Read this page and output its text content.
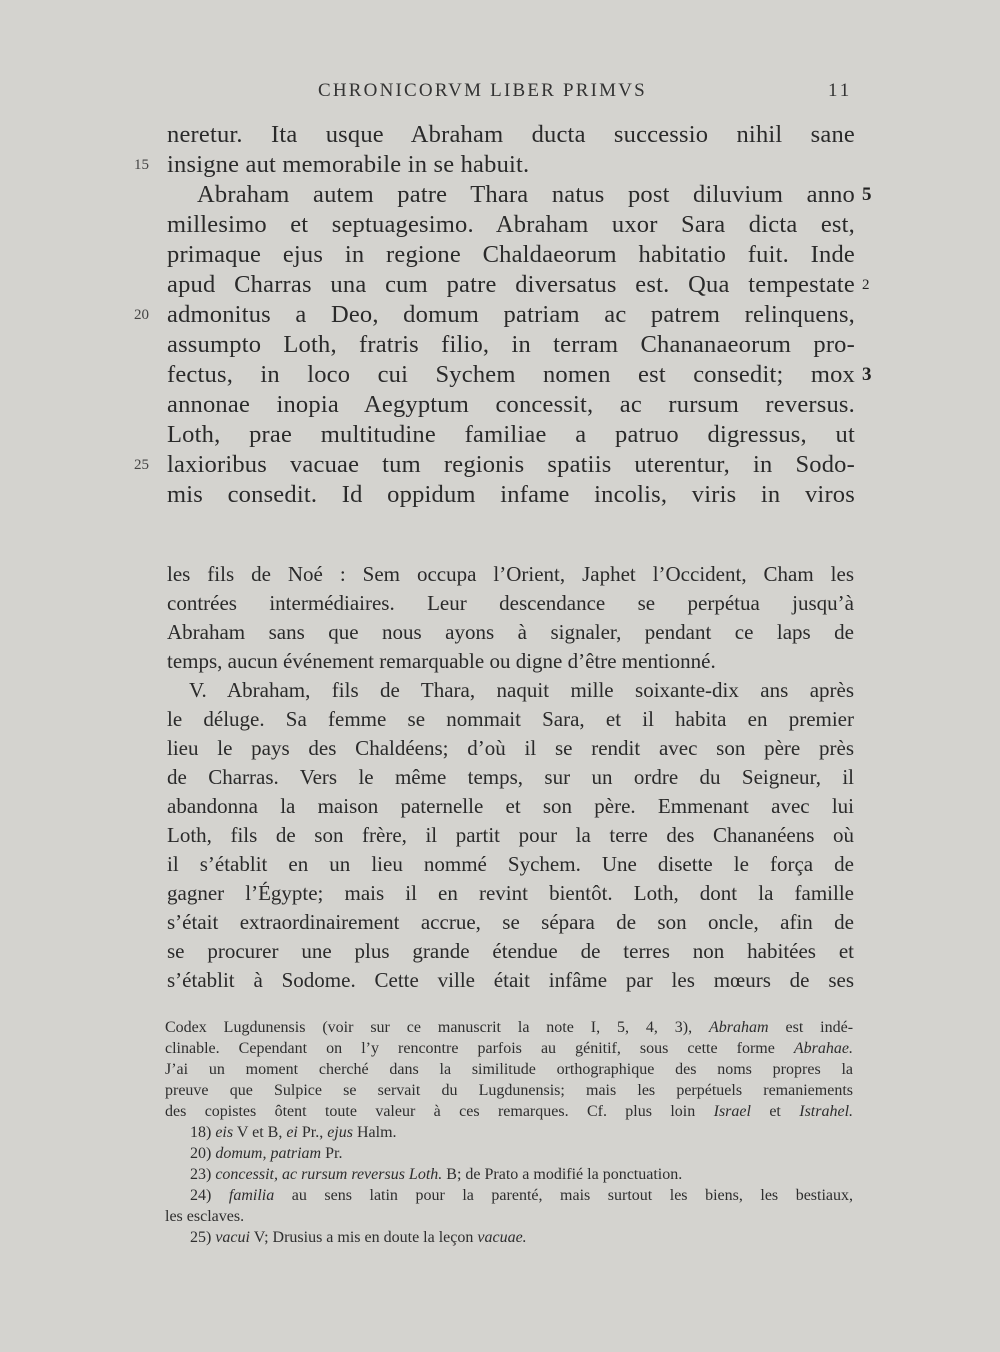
CHRONICORVM LIBER PRIMVS	11
neretur. Ita usque Abraham ducta successio nihil sane
15 insigne aut memorabile in se habuit.
Abraham autem patre Thara natus post diluvium anno 5
millesimo et septuagesimo. Abraham uxor Sara dicta est,
primaque ejus in regione Chaldaeorum habitatio fuit. Inde
apud Charras una cum patre diversatus est. Qua tempestate 2
20 admonitus a Deo, domum patriam ac patrem relinquens,
assumpto Loth, fratris filio, in terram Chananaeorum pro-
fectus, in loco cui Sychem nomen est consedit; mox 3
annonae inopia Aegyptum concessit, ac rursum reversus.
Loth, prae multitudine familiae a patruo digressus, ut
25 laxioribus vacuae tum regionis spatiis uterentur, in Sodo-
mis consedit. Id oppidum infame incolis, viris in viros
les fils de Noé : Sem occupa l’Orient, Japhet l’Occident, Cham les
contrées intermédiaires. Leur descendance se perpétua jusqu’à
Abraham sans que nous ayons à signaler, pendant ce laps de
temps, aucun événement remarquable ou digne d’être mentionné.
V. Abraham, fils de Thara, naquit mille soixante-dix ans après
le déluge. Sa femme se nommait Sara, et il habita en premier
lieu le pays des Chaldéens; d’où il se rendit avec son père près
de Charras. Vers le même temps, sur un ordre du Seigneur, il
abandonna la maison paternelle et son père. Emmenant avec lui
Loth, fils de son frère, il partit pour la terre des Chananéens où
il s’établit en un lieu nommé Sychem. Une disette le força de
gagner l’Égypte; mais il en revint bientôt. Loth, dont la famille
s’était extraordinairement accrue, se sépara de son oncle, afin de
se procurer une plus grande étendue de terres non habitées et
s’établit à Sodome. Cette ville était infâme par les mœurs de ses
Codex Lugdunensis (voir sur ce manuscrit la note I, 5, 4, 3), Abraham est indé-
clinable. Cependant on l’y rencontre parfois au génitif, sous cette forme Abrahae.
J’ai un moment cherché dans la similitude orthographique des noms propres la
preuve que Sulpice se servait du Lugdunensis; mais les perpétuels remaniements
des copistes ôtent toute valeur à ces remarques. Cf. plus loin Israel et Istrahel.
18) eis V et B, ei Pr., ejus Halm.
20) domum, patriam Pr.
23) concessit, ac rursum reversus Loth. B; de Prato a modifié la ponctuation.
24) familia au sens latin pour la parenté, mais surtout les biens, les bestiaux,
les esclaves.
25) vacui V; Drusius a mis en doute la leçon vacuae.
